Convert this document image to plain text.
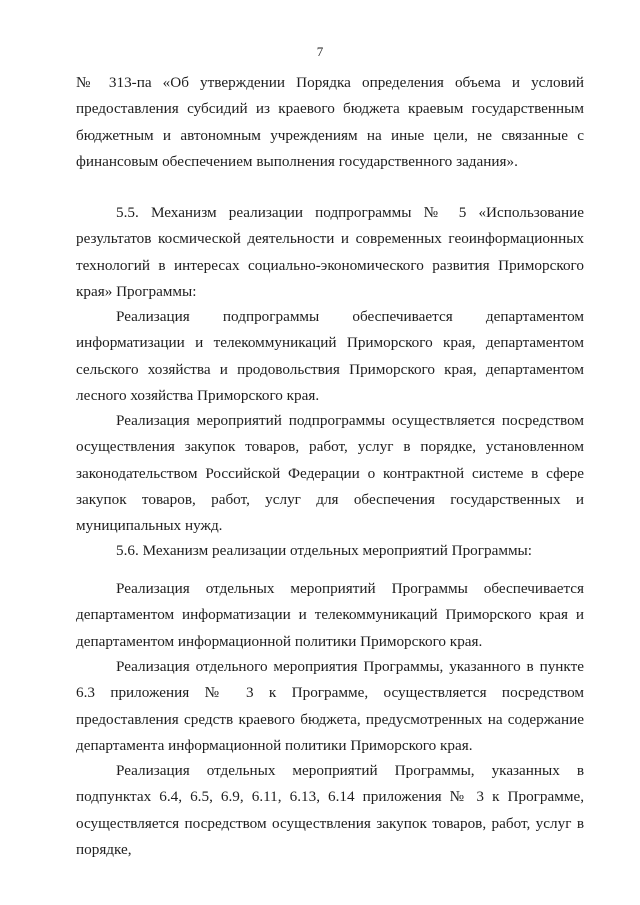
7

№ 313-па «Об утверждении Порядка определения объема и условий предоставления субсидий из краевого бюджета краевым государственным бюджетным и автономным учреждениям на иные цели, не связанные с финансовым обеспечением выполнения государственного задания».

5.5. Механизм реализации подпрограммы № 5 «Использование результатов космической деятельности и современных геоинформационных технологий в интересах социально-экономического развития Приморского края» Программы:

Реализация подпрограммы обеспечивается департаментом информатизации и телекоммуникаций Приморского края, департаментом сельского хозяйства и продовольствия Приморского края, департаментом лесного хозяйства Приморского края.

Реализация мероприятий подпрограммы осуществляется посредством осуществления закупок товаров, работ, услуг в порядке, установленном законодательством Российской Федерации о контрактной системе в сфере закупок товаров, работ, услуг для обеспечения государственных и муниципальных нужд.

5.6. Механизм реализации отдельных мероприятий Программы:

Реализация отдельных мероприятий Программы обеспечивается департаментом информатизации и телекоммуникаций Приморского края и департаментом информационной политики Приморского края.

Реализация отдельного мероприятия Программы, указанного в пункте 6.3 приложения № 3 к Программе, осуществляется посредством предоставления средств краевого бюджета, предусмотренных на содержание департамента информационной политики Приморского края.

Реализация отдельных мероприятий Программы, указанных в подпунктах 6.4, 6.5, 6.9, 6.11, 6.13, 6.14 приложения № 3 к Программе, осуществляется посредством осуществления закупок товаров, работ, услуг в порядке,
